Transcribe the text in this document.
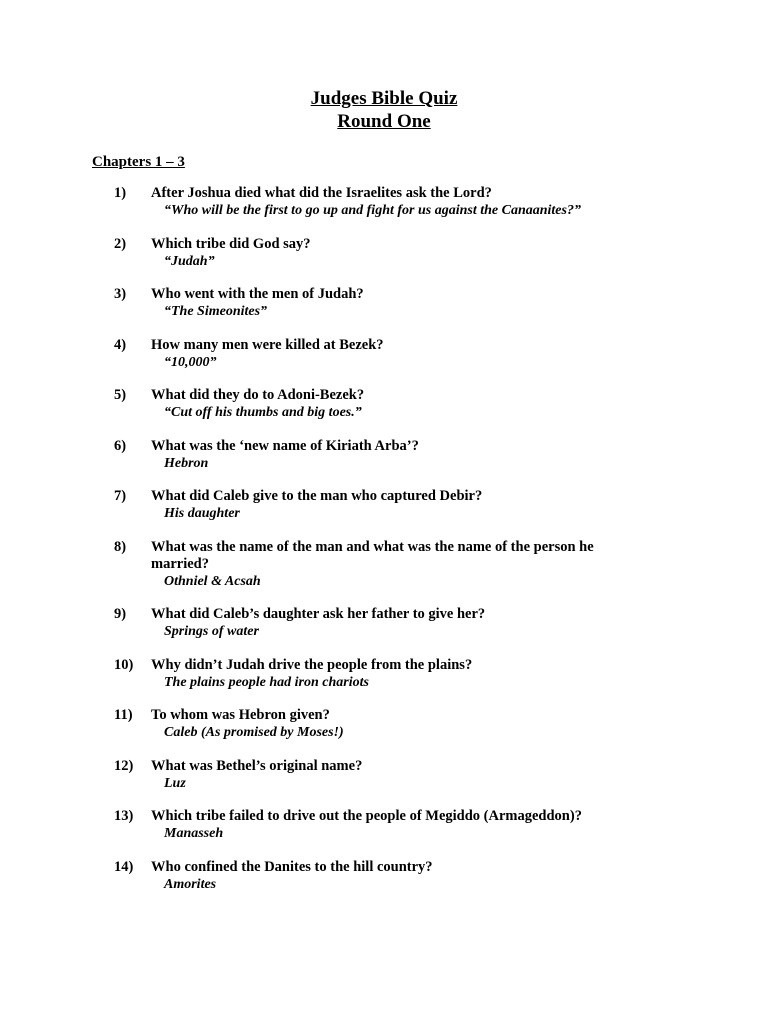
Judges Bible Quiz
Round One
Chapters 1 – 3
1) After Joshua died what did the Israelites ask the Lord?
“Who will be the first to go up and fight for us against the Canaanites?”
2) Which tribe did God say?
“Judah”
3) Who went with the men of Judah?
“The Simeonites”
4) How many men were killed at Bezek?
“10,000”
5) What did they do to Adoni-Bezek?
“Cut off his thumbs and big toes.”
6) What was the ‘new name of Kiriath Arba’?
Hebron
7) What did Caleb give to the man who captured Debir?
His daughter
8) What was the name of the man and what was the name of the person he married?
Othniel & Acsah
9) What did Caleb’s daughter ask her father to give her?
Springs of water
10) Why didn’t Judah drive the people from the plains?
The plains people had iron chariots
11) To whom was Hebron given?
Caleb (As promised by Moses!)
12) What was Bethel’s original name?
Luz
13) Which tribe failed to drive out the people of Megiddo (Armageddon)?
Manasseh
14) Who confined the Danites to the hill country?
Amorites
